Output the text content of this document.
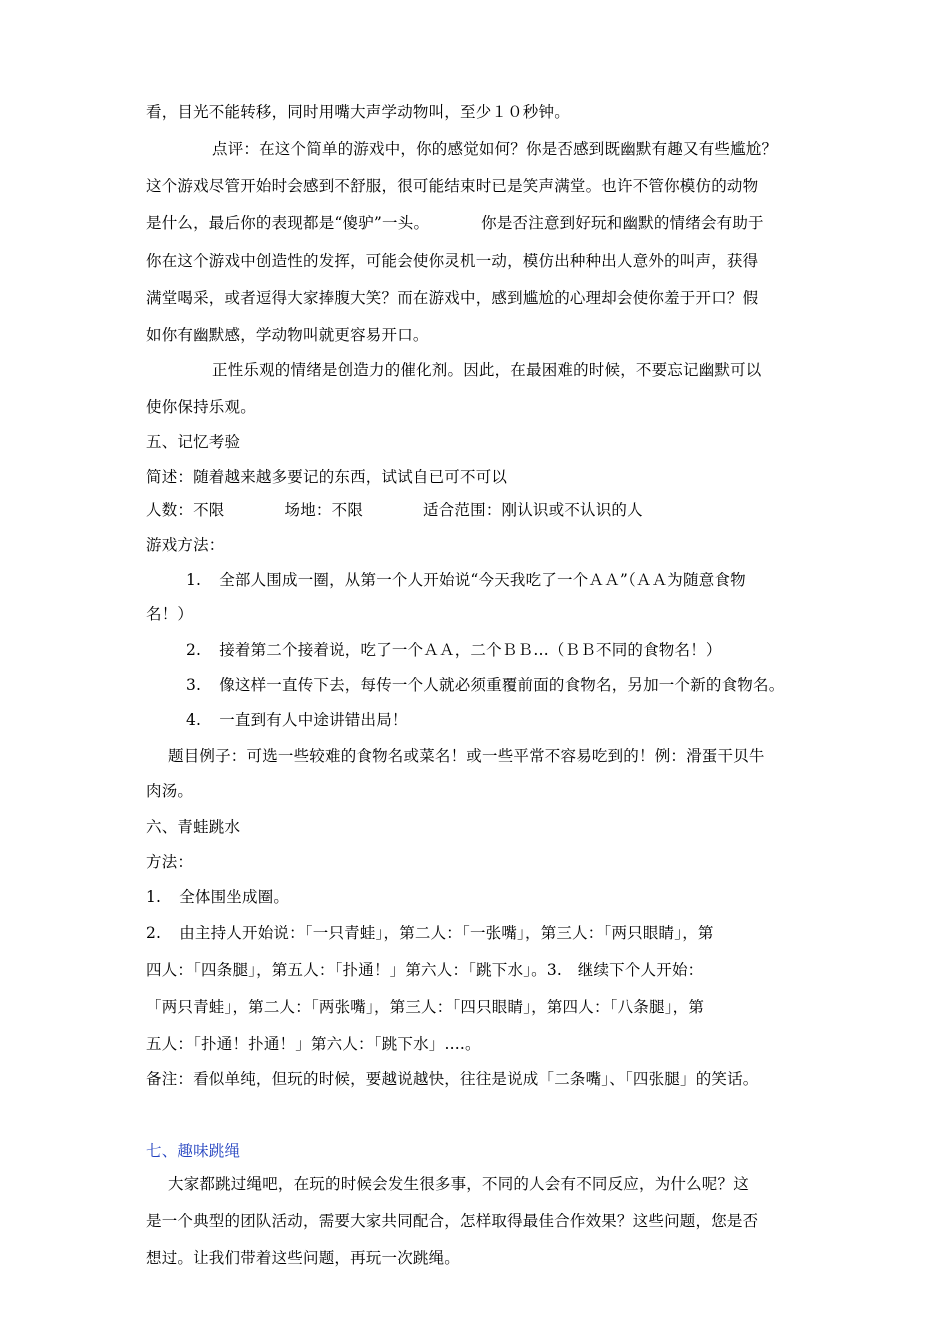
看，目光不能转移，同时用嘴大声学动物叫，至少１０秒钟。
点评：在这个简单的游戏中，你的感觉如何？你是否感到既幽默有趣又有些尴尬？
这个游戏尽管开始时会感到不舒服，很可能结束时已是笑声满堂。也许不管你模仿的动物
是什么，最后你的表现都是“傻驴”一头。	你是否注意到好玩和幽默的情绪会有助于
你在这个游戏中创造性的发挥，可能会使你灵机一动，模仿出种种出人意外的叫声，获得
满堂喝采，或者逗得大家捧腹大笑？而在游戏中，感到尴尬的心理却会使你羞于开口？假
如你有幽默感，学动物叫就更容易开口。
正性乐观的情绪是创造力的催化剂。因此，在最困难的时候，不要忘记幽默可以
使你保持乐观。
五、记忆考验
简述：随着越来越多要记的东西，试试自已可不可以
人数：不限	场地：不限	适合范围：刚认识或不认识的人
游戏方法：
1. 全部人围成一圈，从第一个人开始说“今天我吃了一个ＡＡ”（ＡＡ为随意食物
名！）
2. 接着第二个接着说，吃了一个ＡＡ，二个ＢＢ…（ＢＢ不同的食物名！）
3. 像这样一直传下去，每传一个人就必须重覆前面的食物名，另加一个新的食物名。
4. 一直到有人中途讲错出局！
题目例子：可选一些较难的食物名或菜名！或一些平常不容易吃到的！例：滑蛋干贝牛
肉汤。
六、青蛙跳水
方法：
1. 全体围坐成圈。
2. 由主持人开始说：「一只青蛙」，第二人：「一张嘴」，第三人：「两只眼睛」，第
四人：「四条腿」，第五人：「扑通！」第六人：「跳下水」。3.　继续下个人开始：
「两只青蛙」，第二人：「两张嘴」，第三人：「四只眼睛」，第四人：「八条腿」，第
五人：「扑通！扑通！」第六人：「跳下水」....。
备注：看似单纯，但玩的时候，要越说越快，往往是说成「二条嘴」、「四张腿」的笑话。
七、趣味跳绳
大家都跳过绳吧，在玩的时候会发生很多事，不同的人会有不同反应，为什么呢？这
是一个典型的团队活动，需要大家共同配合，怎样取得最佳合作效果？这些问题，您是否
想过。让我们带着这些问题，再玩一次跳绳。
